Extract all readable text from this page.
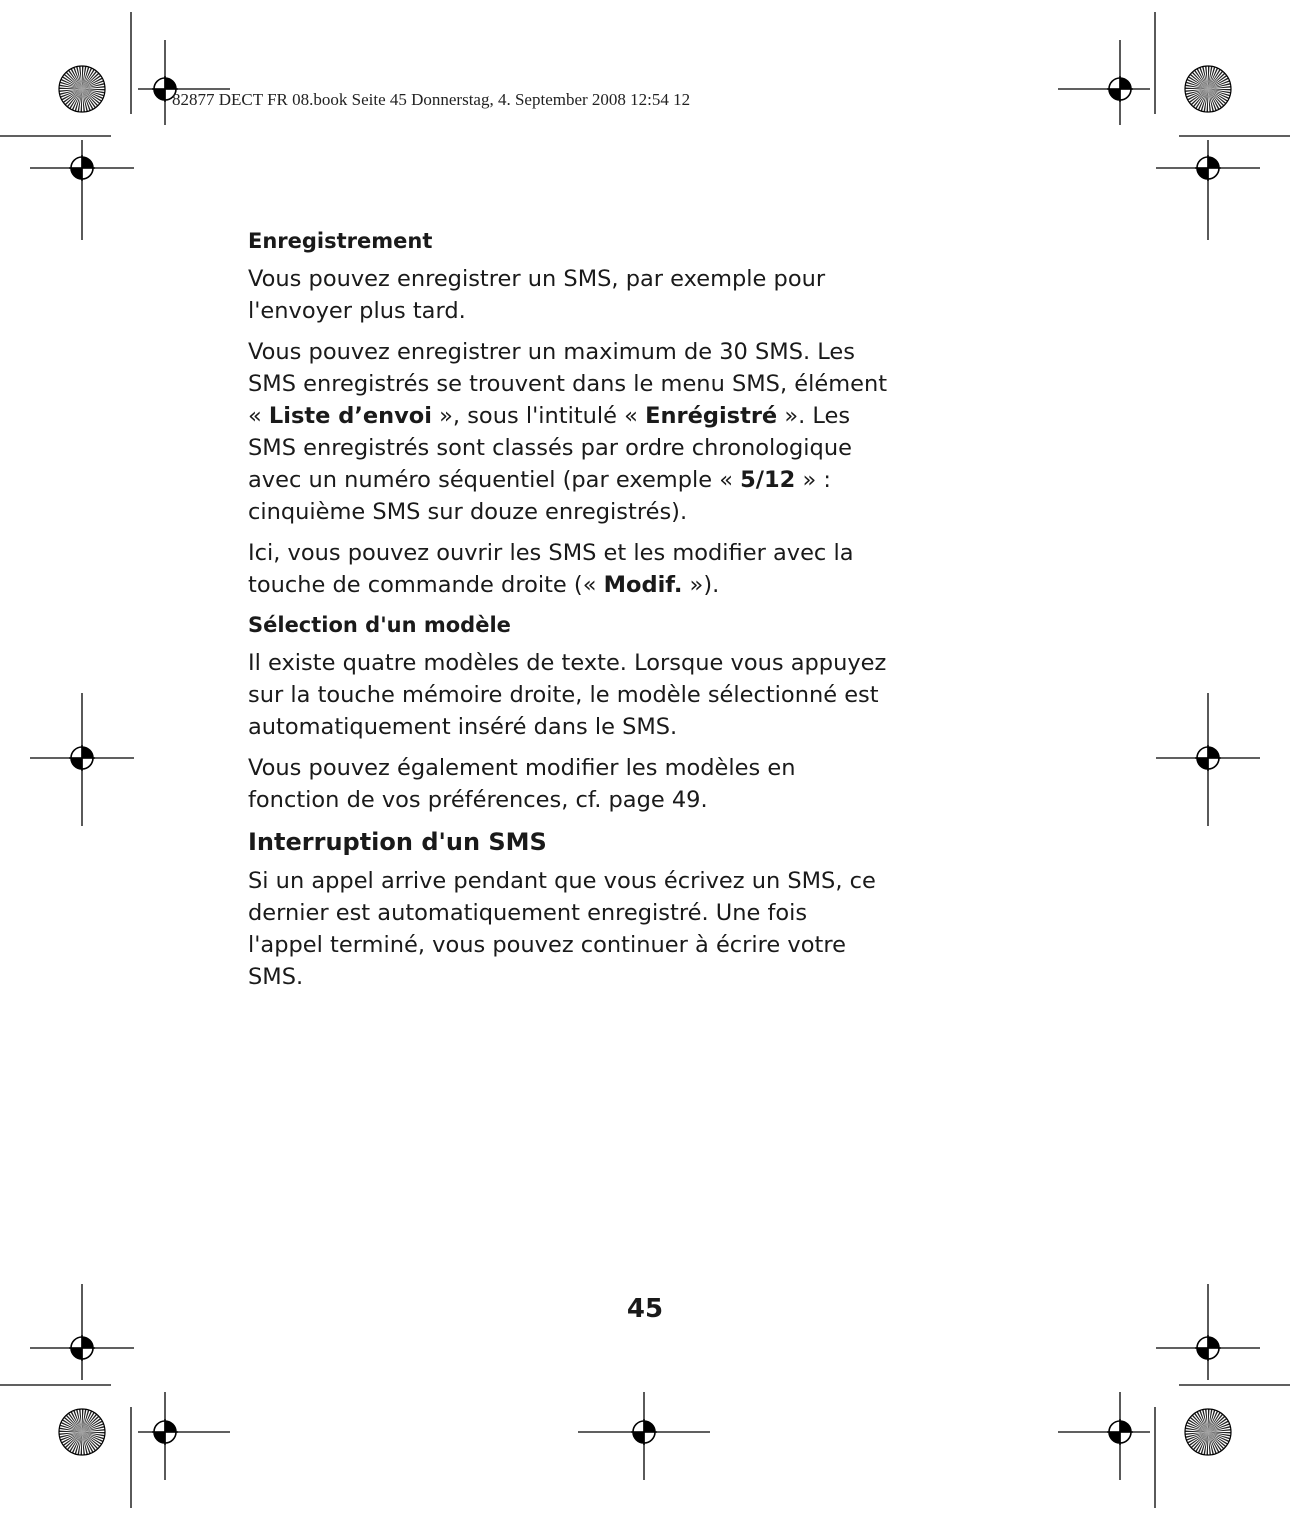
82877 DECT FR 08.book Seite 45 Donnerstag, 4. September 2008 12:54 12

Enregistrement

Vous pouvez enregistrer un SMS, par exemple pour l'envoyer plus tard.

Vous pouvez enregistrer un maximum de 30 SMS. Les SMS enregistrés se trouvent dans le menu SMS, élément « Liste d’envoi », sous l'intitulé « Enrégistré ». Les SMS enregistrés sont classés par ordre chronologique avec un numéro séquentiel (par exemple « 5/12 » : cinquième SMS sur douze enregistrés).

Ici, vous pouvez ouvrir les SMS et les modifier avec la touche de commande droite (« Modif. »).

Sélection d'un modèle

Il existe quatre modèles de texte. Lorsque vous appuyez sur la touche mémoire droite, le modèle sélectionné est automatiquement inséré dans le SMS.

Vous pouvez également modifier les modèles en fonction de vos préférences, cf. page 49.

Interruption d'un SMS

Si un appel arrive pendant que vous écrivez un SMS, ce dernier est automatiquement enregistré. Une fois l'appel terminé, vous pouvez continuer à écrire votre SMS.

45
